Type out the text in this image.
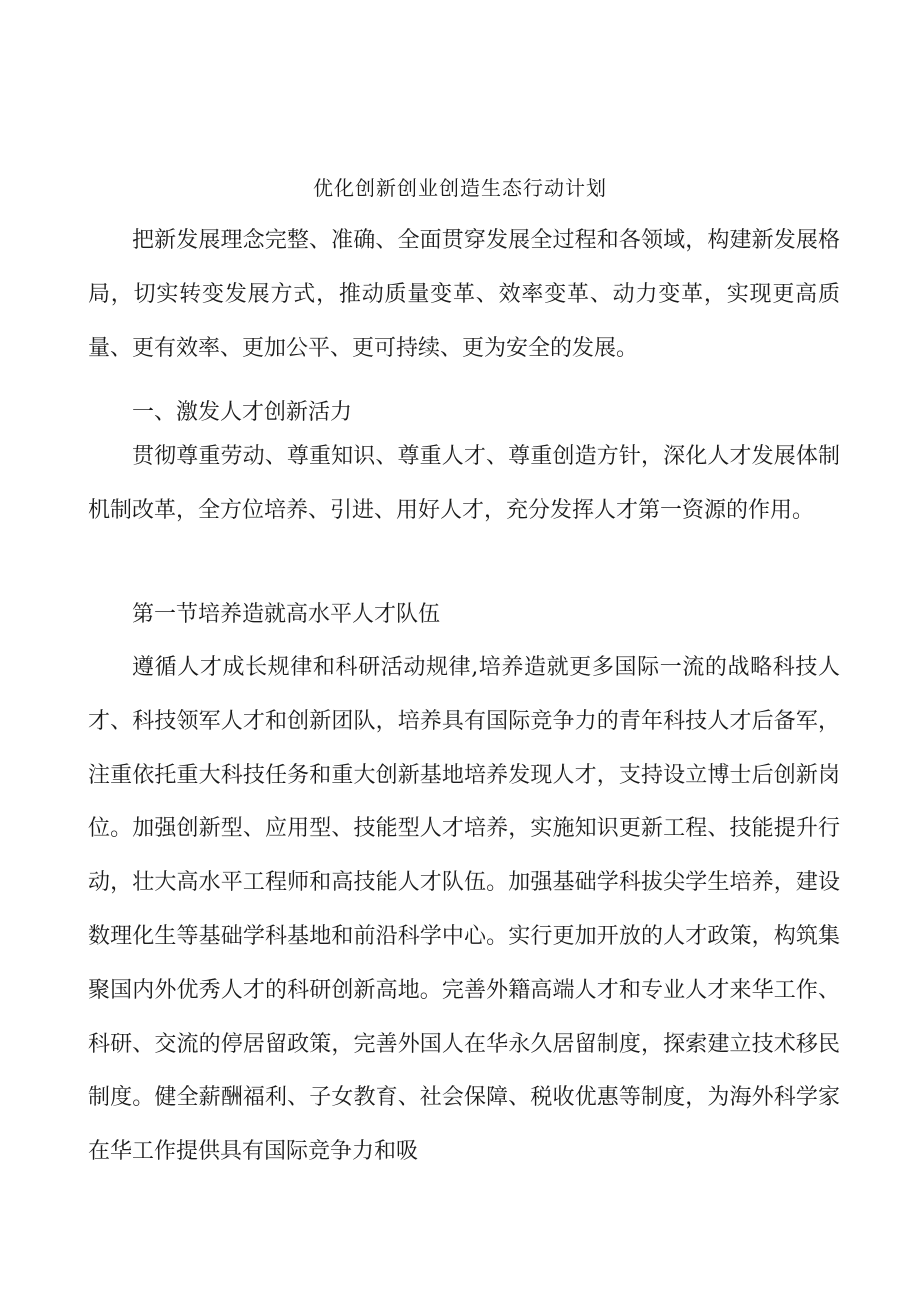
优化创新创业创造生态行动计划

把新发展理念完整、准确、全面贯穿发展全过程和各领域，构建新发展格局，切实转变发展方式，推动质量变革、效率变革、动力变革，实现更高质量、更有效率、更加公平、更可持续、更为安全的发展。

一、激发人才创新活力

贯彻尊重劳动、尊重知识、尊重人才、尊重创造方针，深化人才发展体制机制改革，全方位培养、引进、用好人才，充分发挥人才第一资源的作用。

第一节培养造就高水平人才队伍

遵循人才成长规律和科研活动规律,培养造就更多国际一流的战略科技人才、科技领军人才和创新团队，培养具有国际竞争力的青年科技人才后备军，注重依托重大科技任务和重大创新基地培养发现人才，支持设立博士后创新岗位。加强创新型、应用型、技能型人才培养，实施知识更新工程、技能提升行动，壮大高水平工程师和高技能人才队伍。加强基础学科拔尖学生培养，建设数理化生等基础学科基地和前沿科学中心。实行更加开放的人才政策，构筑集聚国内外优秀人才的科研创新高地。完善外籍高端人才和专业人才来华工作、科研、交流的停居留政策，完善外国人在华永久居留制度，探索建立技术移民制度。健全薪酬福利、子女教育、社会保障、税收优惠等制度，为海外科学家在华工作提供具有国际竞争力和吸
